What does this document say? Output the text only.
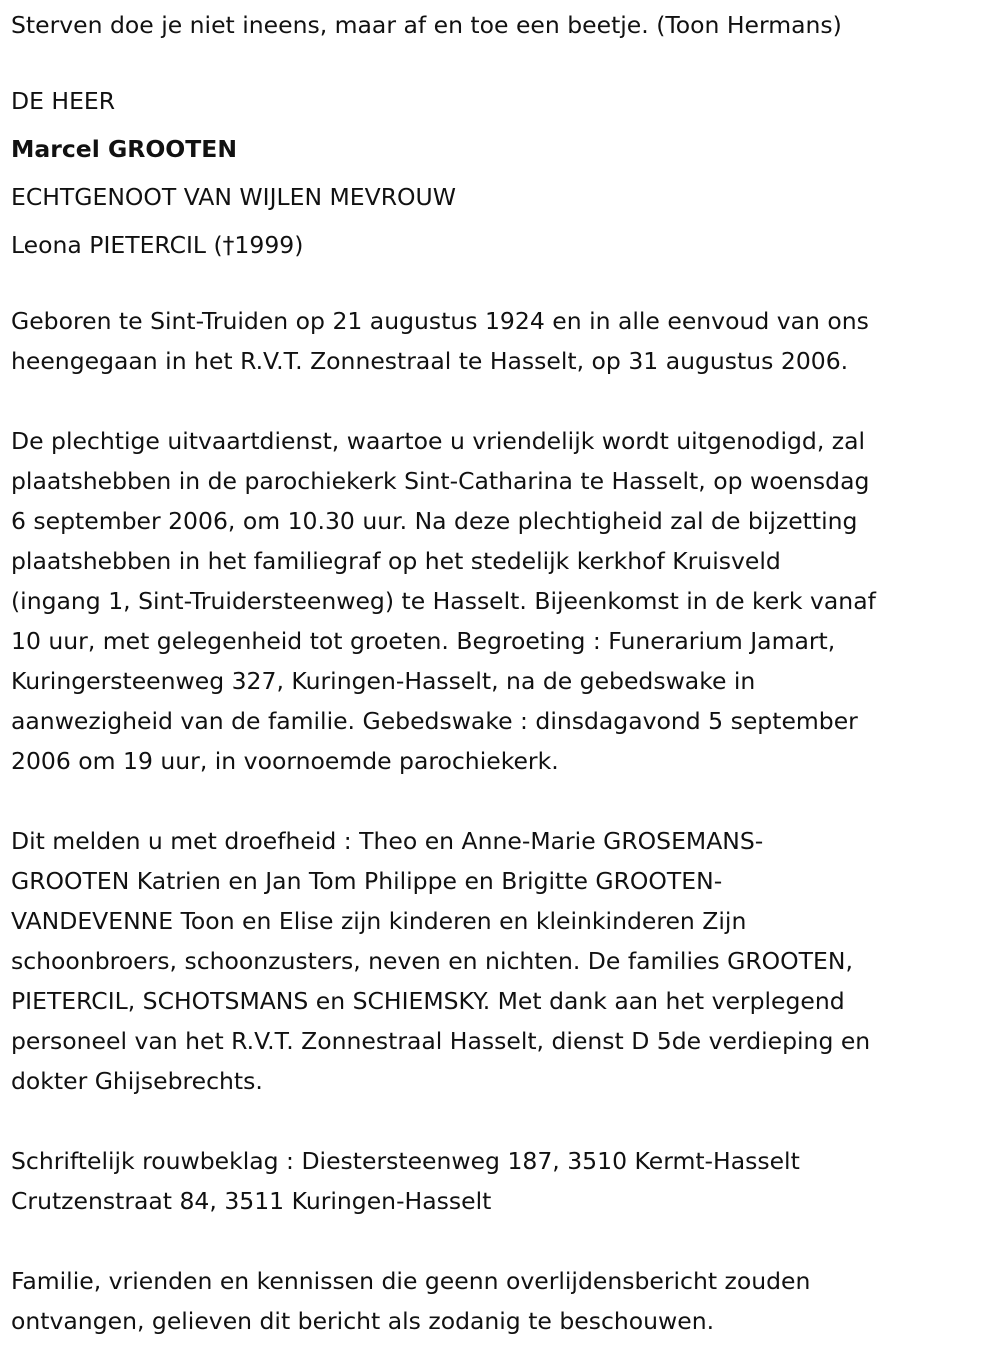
Sterven doe je niet ineens, maar af en toe een beetje. (Toon Hermans)
DE HEER
Marcel GROOTEN
ECHTGENOOT VAN WIJLEN MEVROUW
Leona PIETERCIL (†1999)
Geboren te Sint-Truiden op 21 augustus 1924 en in alle eenvoud van ons
heengegaan in het R.V.T. Zonnestraal te Hasselt, op 31 augustus 2006.
De plechtige uitvaartdienst, waartoe u vriendelijk wordt uitgenodigd, zal
plaatshebben in de parochiekerk Sint-Catharina te Hasselt, op woensdag
6 september 2006, om 10.30 uur. Na deze plechtigheid zal de bijzetting
plaatshebben in het familiegraf op het stedelijk kerkhof Kruisveld
(ingang 1, Sint-Truidersteenweg) te Hasselt. Bijeenkomst in de kerk vanaf
10 uur, met gelegenheid tot groeten. Begroeting : Funerarium Jamart,
Kuringersteenweg 327, Kuringen-Hasselt, na de gebedswake in
aanwezigheid van de familie. Gebedswake : dinsdagavond 5 september
2006 om 19 uur, in voornoemde parochiekerk.
Dit melden u met droefheid : Theo en Anne-Marie GROSEMANS-
GROOTEN Katrien en Jan Tom Philippe en Brigitte GROOTEN-
VANDEVENNE Toon en Elise zijn kinderen en kleinkinderen Zijn
schoonbroers, schoonzusters, neven en nichten. De families GROOTEN,
PIETERCIL, SCHOTSMANS en SCHIEMSKY. Met dank aan het verplegend
personeel van het R.V.T. Zonnestraal Hasselt, dienst D 5de verdieping en
dokter Ghijsebrechts.
Schriftelijk rouwbeklag : Diestersteenweg 187, 3510 Kermt-Hasselt
Crutzenstraat 84, 3511 Kuringen-Hasselt
Familie, vrienden en kennissen die geenn overlijdensbericht zouden
ontvangen, gelieven dit bericht als zodanig te beschouwen.
